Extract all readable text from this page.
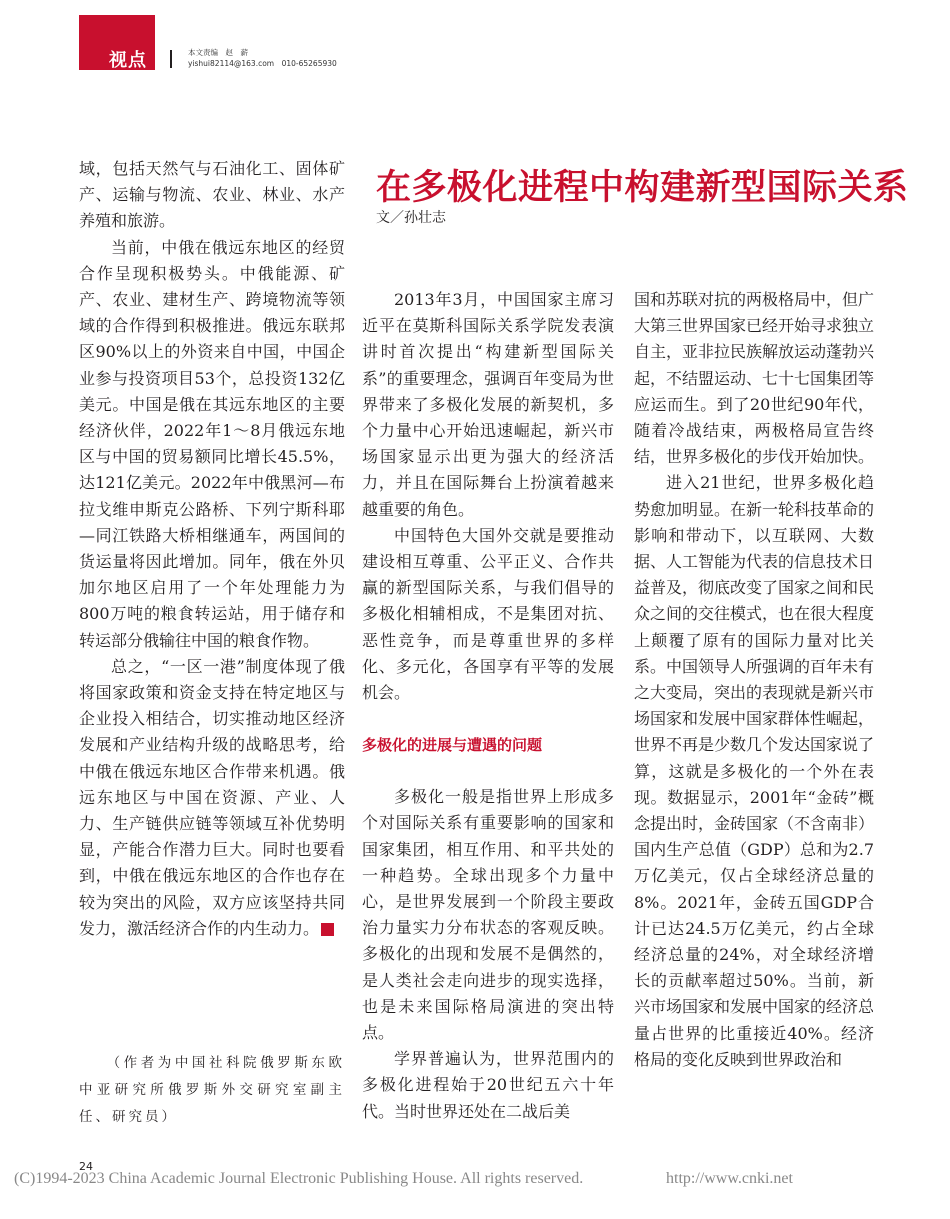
视点	本文责编　赵　薪
yishui82114@163.com　010-65265930

域，包括天然气与石油化工、固体矿产、运输与物流、农业、林业、水产养殖和旅游。

当前，中俄在俄远东地区的经贸合作呈现积极势头。中俄能源、矿产、农业、建材生产、跨境物流等领域的合作得到积极推进。俄远东联邦区90%以上的外资来自中国，中国企业参与投资项目53个，总投资132亿美元。中国是俄在其远东地区的主要经济伙伴，2022年1～8月俄远东地区与中国的贸易额同比增长45.5%，达121亿美元。2022年中俄黑河—布拉戈维申斯克公路桥、下列宁斯科耶—同江铁路大桥相继通车，两国间的货运量将因此增加。同年，俄在外贝加尔地区启用了一个年处理能力为800万吨的粮食转运站，用于储存和转运部分俄输往中国的粮食作物。

总之，“一区一港”制度体现了俄将国家政策和资金支持在特定地区与企业投入相结合，切实推动地区经济发展和产业结构升级的战略思考，给中俄在俄远东地区合作带来机遇。俄远东地区与中国在资源、产业、人力、生产链供应链等领域互补优势明显，产能合作潜力巨大。同时也要看到，中俄在俄远东地区的合作也存在较为突出的风险，双方应该坚持共同发力，激活经济合作的内生动力。	W

（作者为中国社科院俄罗斯东欧中亚研究所俄罗斯外交研究室副主任、研究员）
在多极化进程中构建新型国际关系
文／孙壮志

2013年3月，中国国家主席习近平在莫斯科国际关系学院发表演讲时首次提出“构建新型国际关系”的重要理念，强调百年变局为世界带来了多极化发展的新契机，多个力量中心开始迅速崛起，新兴市场国家显示出更为强大的经济活力，并且在国际舞台上扮演着越来越重要的角色。

中国特色大国外交就是要推动建设相互尊重、公平正义、合作共赢的新型国际关系，与我们倡导的多极化相辅相成，不是集团对抗、恶性竞争，而是尊重世界的多样化、多元化，各国享有平等的发展机会。

多极化的进展与遭遇的问题

多极化一般是指世界上形成多个对国际关系有重要影响的国家和国家集团，相互作用、和平共处的一种趋势。全球出现多个力量中心，是世界发展到一个阶段主要政治力量实力分布状态的客观反映。多极化的出现和发展不是偶然的，是人类社会走向进步的现实选择，也是未来国际格局演进的突出特点。

学界普遍认为，世界范围内的多极化进程始于20世纪五六十年代。当时世界还处在二战后美

国和苏联对抗的两极格局中，但广大第三世界国家已经开始寻求独立自主，亚非拉民族解放运动蓬勃兴起，不结盟运动、七十七国集团等应运而生。到了20世纪90年代，随着冷战结束，两极格局宣告终结，世界多极化的步伐开始加快。

进入21世纪，世界多极化趋势愈加明显。在新一轮科技革命的影响和带动下，以互联网、大数据、人工智能为代表的信息技术日益普及，彻底改变了国家之间和民众之间的交往模式，也在很大程度上颠覆了原有的国际力量对比关系。中国领导人所强调的百年未有之大变局，突出的表现就是新兴市场国家和发展中国家群体性崛起，世界不再是少数几个发达国家说了算，这就是多极化的一个外在表现。数据显示，2001年“金砖”概念提出时，金砖国家（不含南非）国内生产总值（GDP）总和为2.7万亿美元，仅占全球经济总量的8%。2021年，金砖五国GDP合计已达24.5万亿美元，约占全球经济总量的24%，对全球经济增长的贡献率超过50%。当前，新兴市场国家和发展中国家的经济总量占世界的比重接近40%。经济格局的变化反映到世界政治和

24
(C)1994-2023 China Academic Journal Electronic Publishing House. All rights reserved.	http://www.cnki.net
